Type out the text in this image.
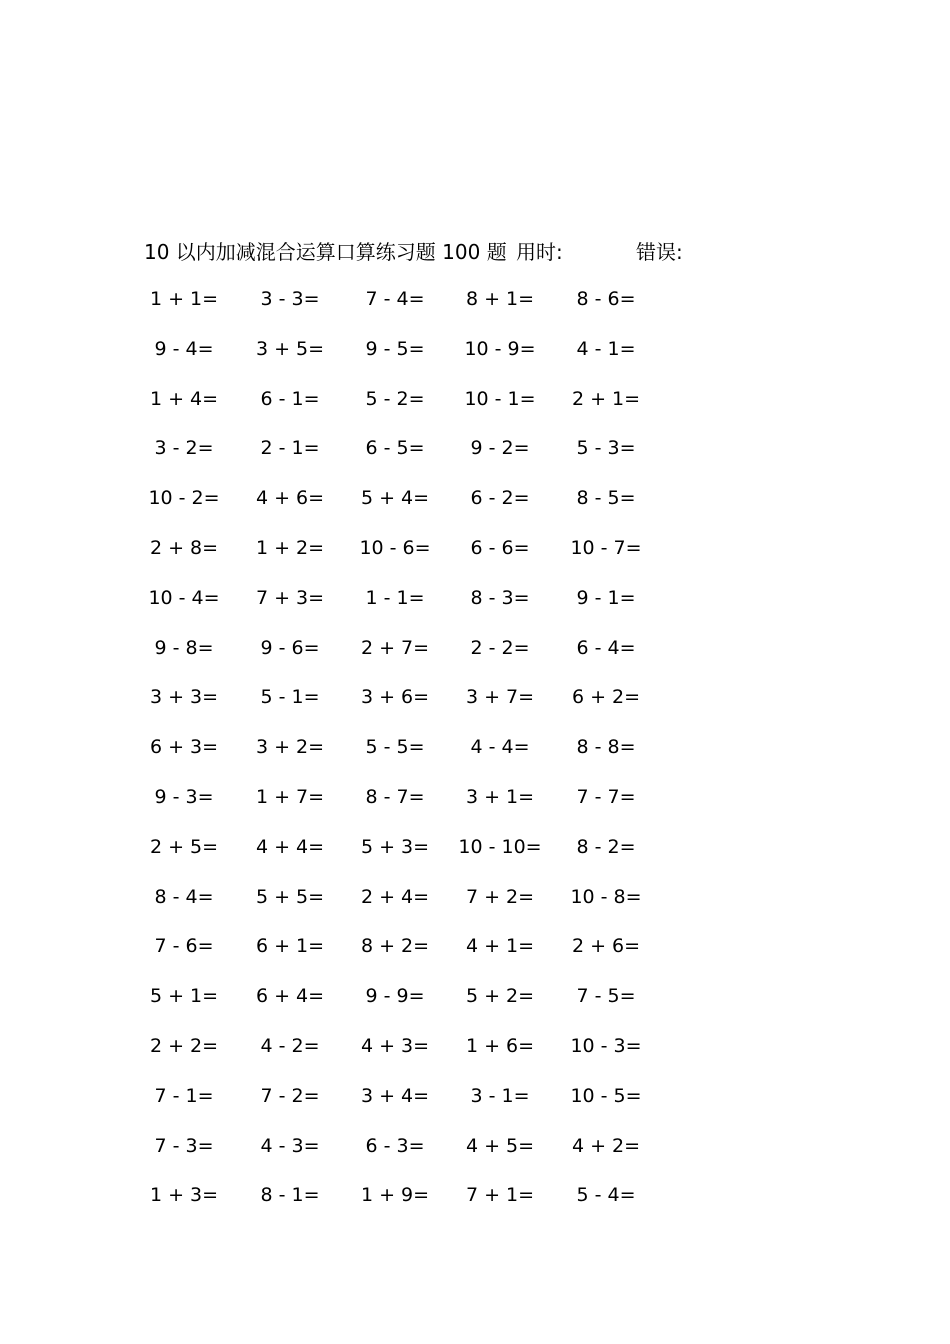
10 以内加减混合运算口算练习题 100 题 用时:	错误:
1 + 1=	3 - 3=	7 - 4=	8 + 1=	8 - 6=
9 - 4=	3 + 5=	9 - 5=	10 - 9=	4 - 1=
1 + 4=	6 - 1=	5 - 2=	10 - 1=	2 + 1=
3 - 2=	2 - 1=	6 - 5=	9 - 2=	5 - 3=
10 - 2=	4 + 6=	5 + 4=	6 - 2=	8 - 5=
2 + 8=	1 + 2=	10 - 6=	6 - 6=	10 - 7=
10 - 4=	7 + 3=	1 - 1=	8 - 3=	9 - 1=
9 - 8=	9 - 6=	2 + 7=	2 - 2=	6 - 4=
3 + 3=	5 - 1=	3 + 6=	3 + 7=	6 + 2=
6 + 3=	3 + 2=	5 - 5=	4 - 4=	8 - 8=
9 - 3=	1 + 7=	8 - 7=	3 + 1=	7 - 7=
2 + 5=	4 + 4=	5 + 3=	10 - 10=	8 - 2=
8 - 4=	5 + 5=	2 + 4=	7 + 2=	10 - 8=
7 - 6=	6 + 1=	8 + 2=	4 + 1=	2 + 6=
5 + 1=	6 + 4=	9 - 9=	5 + 2=	7 - 5=
2 + 2=	4 - 2=	4 + 3=	1 + 6=	10 - 3=
7 - 1=	7 - 2=	3 + 4=	3 - 1=	10 - 5=
7 - 3=	4 - 3=	6 - 3=	4 + 5=	4 + 2=
1 + 3=	8 - 1=	1 + 9=	7 + 1=	5 - 4=
